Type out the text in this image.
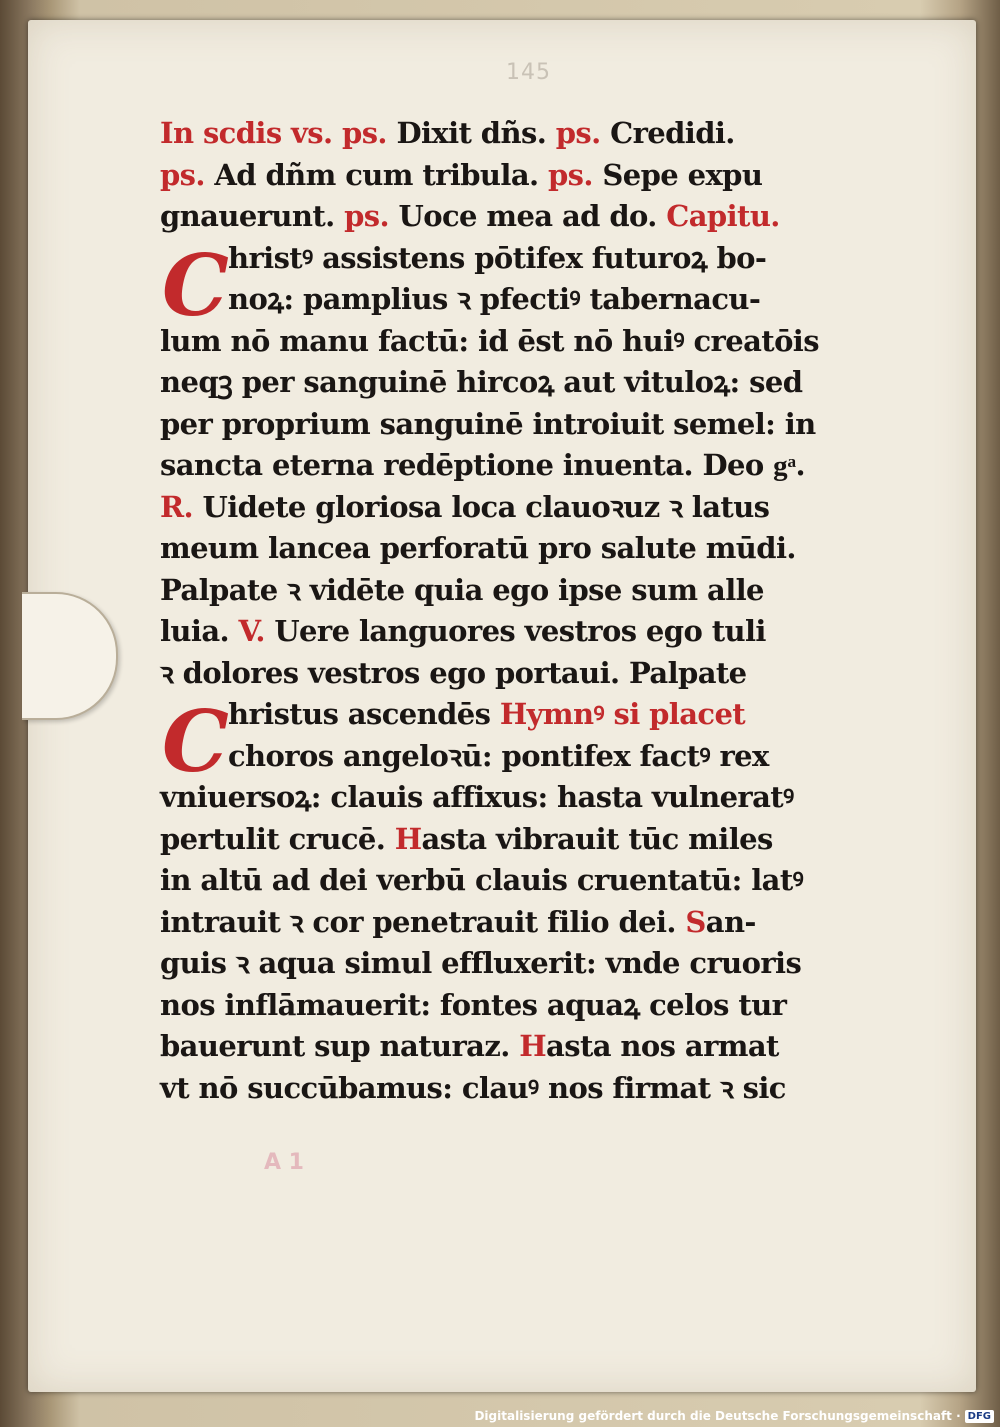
145
A 1
C
C
In scdis vs. ps. Dixit dñs. ps. Credidi.
ps. Ad dñm cum tribula. ps. Sepe expu
gnauerunt. ps. Uoce mea ad do. Capitu.
hristꝰ assistens pōtifex futuroꝝ bo-
noꝝ: pamplius ꝛ pfectiꝰ tabernacu-
lum nō manu factū: id ēst nō huiꝰ creatōis
neqꝫ per sanguinē hircoꝝ aut vituloꝝ: sed
per proprium sanguinē introiuit semel: in
sancta eterna redēptione inuenta. Deo gͣ.
R. Uidete gloriosa loca clauoꝛuz ꝛ latus
meum lancea perforatū pro salute mūdi.
Palpate ꝛ vidēte quia ego ipse sum alle
luia. V. Uere languores vestros ego tuli
ꝛ dolores vestros ego portaui. Palpate
hristus ascendēs Hymnꝰ si placet
choros angeloꝛū: pontifex factꝰ rex
vniuersoꝝ: clauis affixus: hasta vulneratꝰ
pertulit crucē. Hasta vibrauit tūc miles
in altū ad dei verbū clauis cruentatū: latꝰ
intrauit ꝛ cor penetrauit filio dei. San-
guis ꝛ aqua simul effluxerit: vnde cruoris
nos inflāmauerit: fontes aquaꝝ celos tur
bauerunt sup naturaz. Hasta nos armat
vt nō succūbamus: clauꝰ nos firmat ꝛ sic
Digitalisierung gefördert durch die Deutsche Forschungsgemeinschaft · DFG
